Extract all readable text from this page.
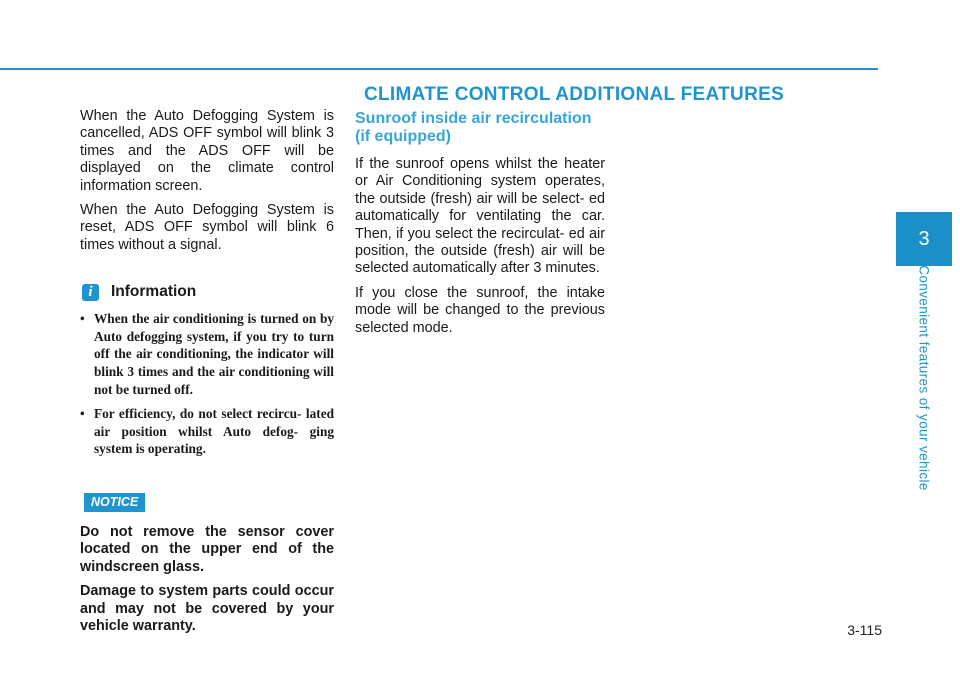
CLIMATE CONTROL ADDITIONAL FEATURES

When the Auto Defogging System is cancelled, ADS OFF symbol will blink 3 times and the ADS OFF will be displayed on the climate control information screen.

When the Auto Defogging System is reset, ADS OFF symbol will blink 6 times without a signal.

i	Information
• When the air conditioning is turned on by Auto defogging system, if you try to turn off the air conditioning, the indicator will blink 3 times and the air conditioning will not be turned off.
• For efficiency, do not select recircu- lated air position whilst Auto defog- ging system is operating.
NOTICE

Do not remove the sensor cover located on the upper end of the windscreen glass.

Damage to system parts could occur and may not be covered by your vehicle warranty.

Sunroof inside air recirculation
(if equipped)

If the sunroof opens whilst the heater or Air Conditioning system operates, the outside (fresh) air will be select- ed automatically for ventilating the car. Then, if you select the recirculat- ed air position, the outside (fresh) air will be selected automatically after 3 minutes.

If you close the sunroof, the intake mode will be changed to the previous selected mode.

3
Convenient features of your vehicle
3-115
